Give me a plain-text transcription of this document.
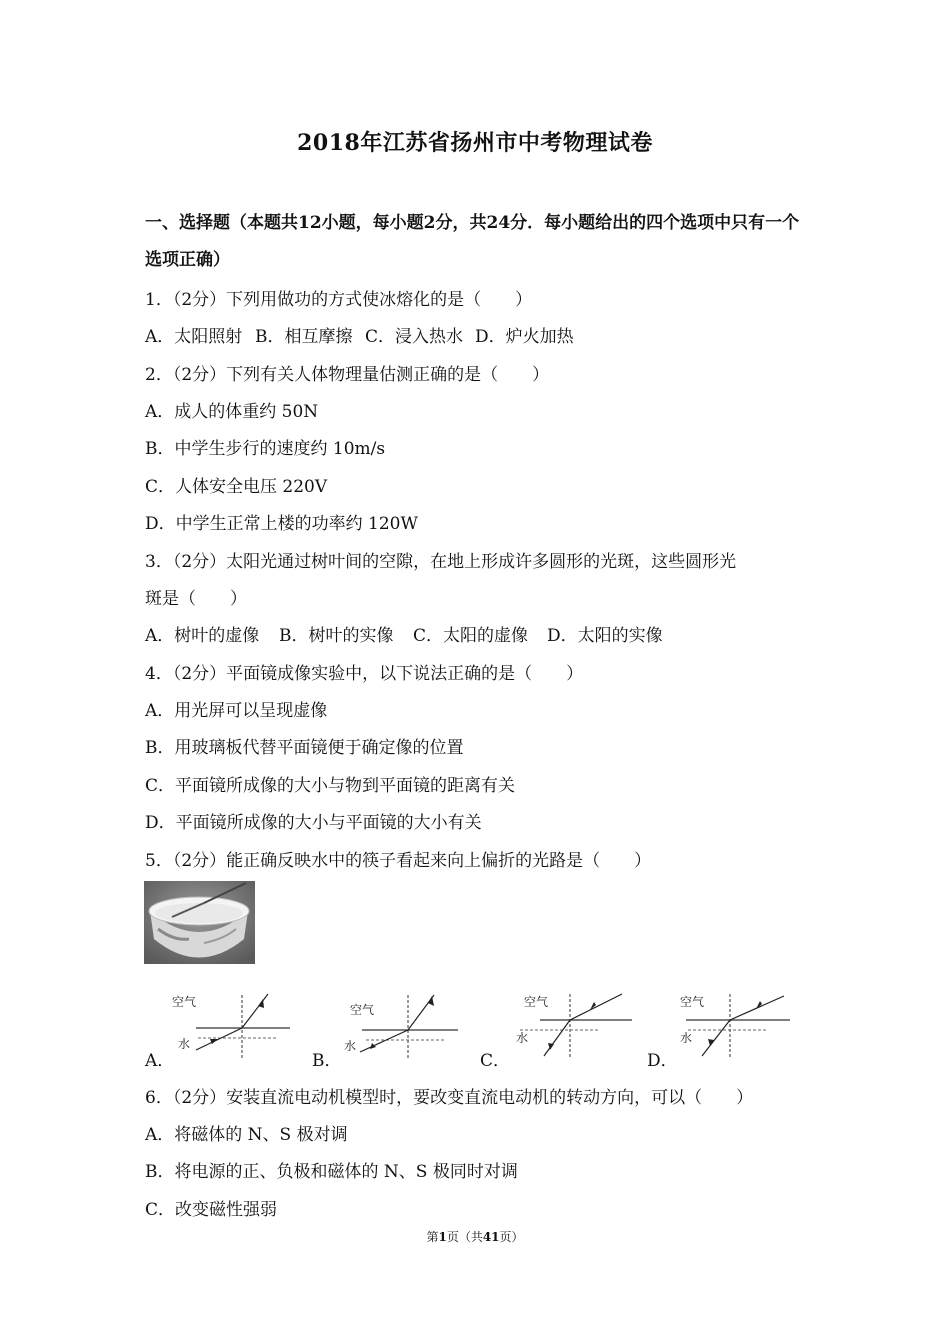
2018年江苏省扬州市中考物理试卷
一、选择题（本题共12小题，每小题2分，共24分．每小题给出的四个选项中只有一个选项正确）
1．（2分）下列用做功的方式使冰熔化的是（　　）
A．太阳照射 B．相互摩擦 C．浸入热水 D．炉火加热
2．（2分）下列有关人体物理量估测正确的是（　　）
A．成人的体重约 50N
B．中学生步行的速度约 10m/s
C．人体安全电压 220V
D．中学生正常上楼的功率约 120W
3．（2分）太阳光通过树叶间的空隙，在地上形成许多圆形的光斑，这些圆形光
斑是（　　）
A．树叶的虚像 B．树叶的实像 C．太阳的虚像 D．太阳的实像
4．（2分）平面镜成像实验中，以下说法正确的是（　　）
A．用光屏可以呈现虚像
B．用玻璃板代替平面镜便于确定像的位置
C．平面镜所成像的大小与物到平面镜的距离有关
D．平面镜所成像的大小与平面镜的大小有关
5．（2分）能正确反映水中的筷子看起来向上偏折的光路是（　　）
空气
水
A．
空气
水
B．
空气
水
C．
空气
水
D．
6．（2分）安装直流电动机模型时，要改变直流电动机的转动方向，可以（　　）
A．将磁体的 N、S 极对调
B．将电源的正、负极和磁体的 N、S 极同时对调
C．改变磁性强弱
第1页（共41页）
